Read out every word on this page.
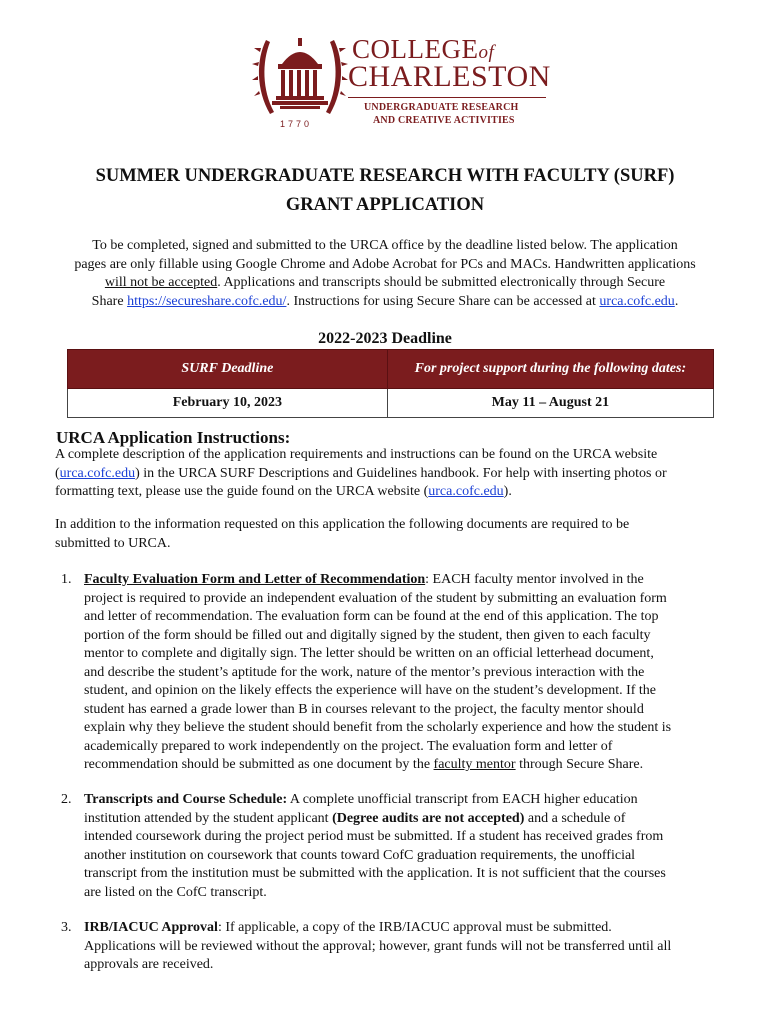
1770
COLLEGEof
CHARLESTON
UNDERGRADUATE RESEARCH
AND CREATIVE ACTIVITIES
SUMMER UNDERGRADUATE RESEARCH WITH FACULTY (SURF)
GRANT APPLICATION
To be completed, signed and submitted to the URCA office by the deadline listed below. The application
pages are only fillable using Google Chrome and Adobe Acrobat for PCs and MACs. Handwritten applications
will not be accepted. Applications and transcripts should be submitted electronically through Secure
Share https://secureshare.cofc.edu/. Instructions for using Secure Share can be accessed at urca.cofc.edu.
2022-2023 Deadline
SURF Deadline	For project support during the following dates:
February 10, 2023	May 11 – August 21
URCA Application Instructions:
A complete description of the application requirements and instructions can be found on the URCA website
(urca.cofc.edu) in the URCA SURF Descriptions and Guidelines handbook. For help with inserting photos or
formatting text, please use the guide found on the URCA website (urca.cofc.edu).
In addition to the information requested on this application the following documents are required to be
submitted to URCA.
1. Faculty Evaluation Form and Letter of Recommendation: EACH faculty mentor involved in the
project is required to provide an independent evaluation of the student by submitting an evaluation form
and letter of recommendation. The evaluation form can be found at the end of this application. The top
portion of the form should be filled out and digitally signed by the student, then given to each faculty
mentor to complete and digitally sign. The letter should be written on an official letterhead document,
and describe the student’s aptitude for the work, nature of the mentor’s previous interaction with the
student, and opinion on the likely effects the experience will have on the student’s development. If the
student has earned a grade lower than B in courses relevant to the project, the faculty mentor should
explain why they believe the student should benefit from the scholarly experience and how the student is
academically prepared to work independently on the project. The evaluation form and letter of
recommendation should be submitted as one document by the faculty mentor through Secure Share.
2. Transcripts and Course Schedule: A complete unofficial transcript from EACH higher education
institution attended by the student applicant (Degree audits are not accepted) and a schedule of
intended coursework during the project period must be submitted. If a student has received grades from
another institution on coursework that counts toward CofC graduation requirements, the unofficial
transcript from the institution must be submitted with the application. It is not sufficient that the courses
are listed on the CofC transcript.
3. IRB/IACUC Approval: If applicable, a copy of the IRB/IACUC approval must be submitted.
Applications will be reviewed without the approval; however, grant funds will not be transferred until all
approvals are received.
